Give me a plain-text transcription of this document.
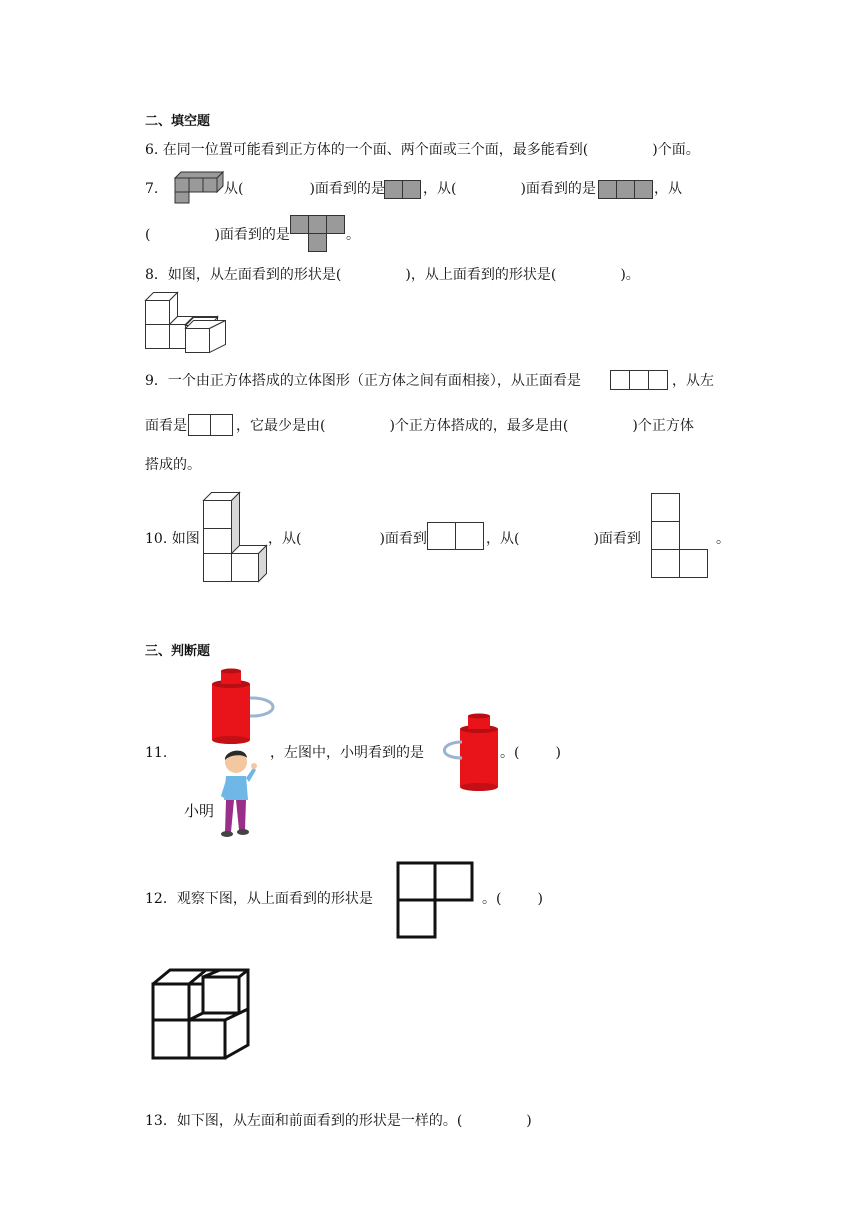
二、填空题
6. 在同一位置可能看到正方体的一个面、两个面或三个面，最多能看到(	)个面。
7.	从(	)面看到的是	，从(	)面看到的是	，从
(	)面看到的是	。
8．如图，从左面看到的形状是(	)，从上面看到的形状是(	)。
9．一个由正方体搭成的立体图形（正方体之间有面相接），从正面看是	，从左
面看是	，它最少是由(	)个正方体搭成的，最多是由(	)个正方体
搭成的。
10. 如图	，从(	)面看到	，从(	)面看到	。
三、判断题
11.	，左图中，小明看到的是	。(	)
小明
12．观察下图，从上面看到的形状是	。(	)
13．如下图，从左面和前面看到的形状是一样的。(	)
